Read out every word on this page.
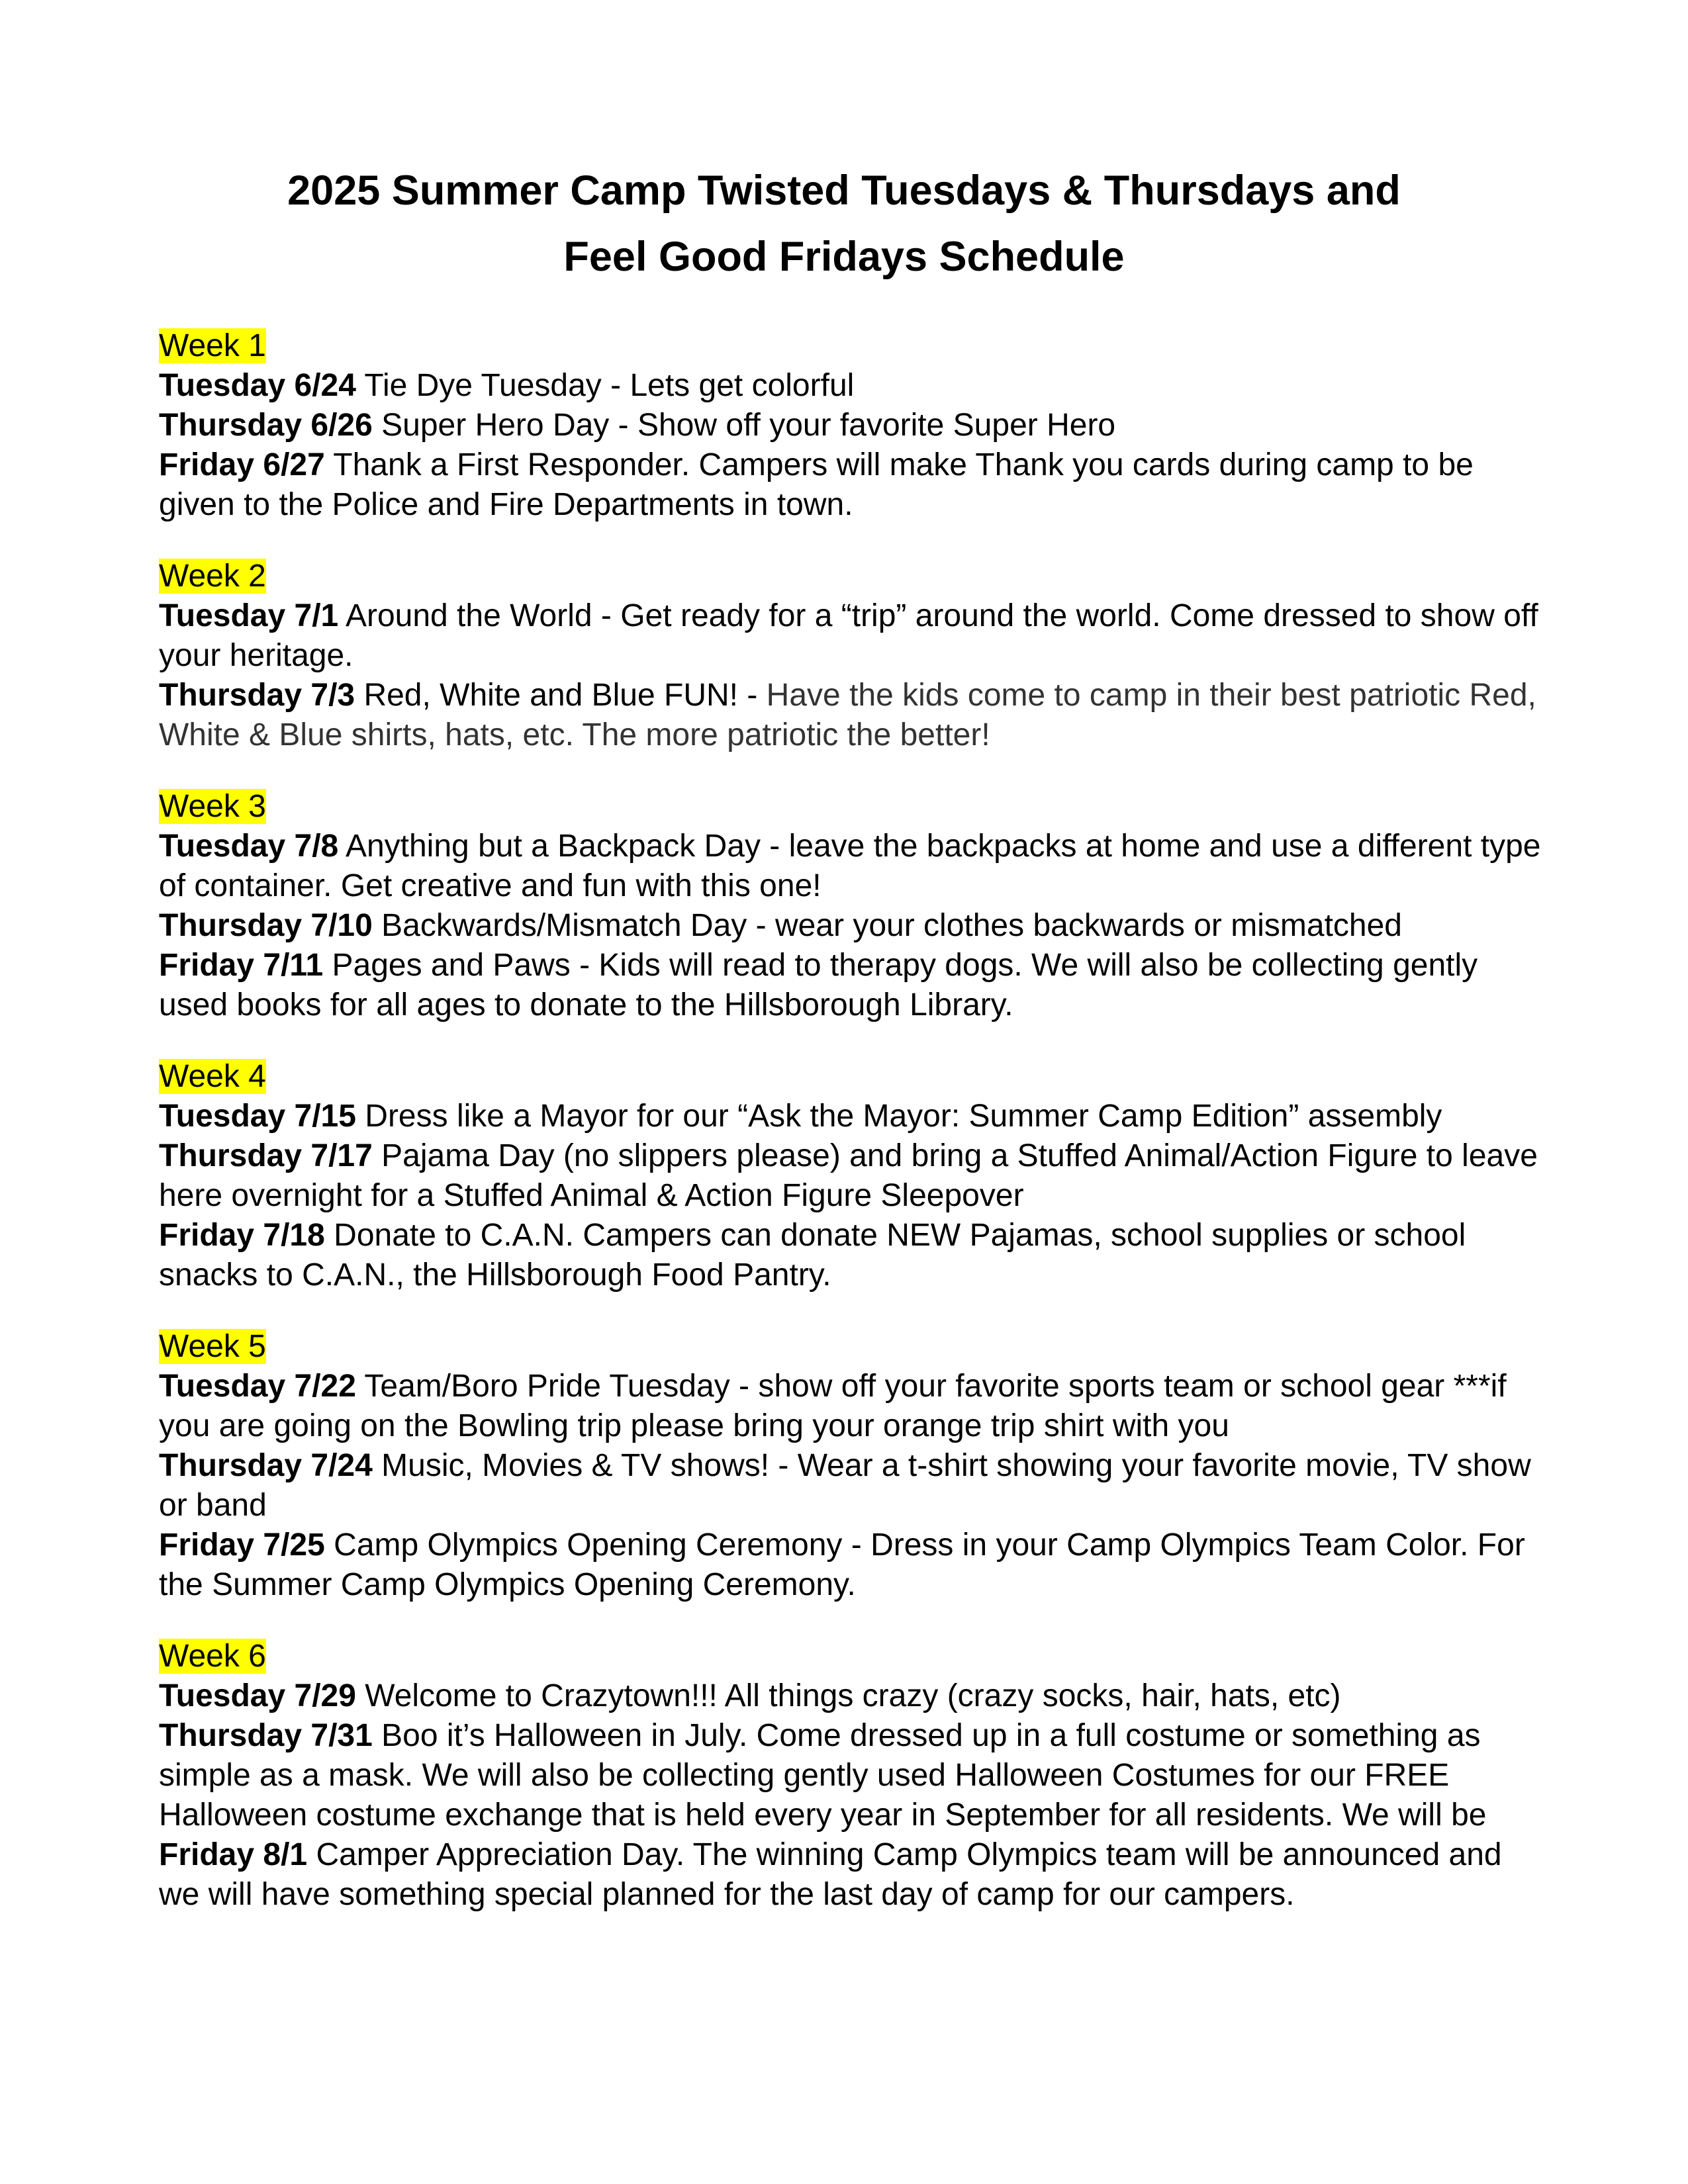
2025 Summer Camp Twisted Tuesdays & Thursdays and
Feel Good Fridays Schedule
Week 1

Tuesday 6/24 Tie Dye Tuesday - Lets get colorful

Thursday 6/26 Super Hero Day - Show off your favorite Super Hero

Friday 6/27 Thank a First Responder. Campers will make Thank you cards during camp to be given to the Police and Fire Departments in town.

Week 2

Tuesday 7/1 Around the World - Get ready for a “trip” around the world. Come dressed to show off your heritage.

Thursday 7/3 Red, White and Blue FUN! - Have the kids come to camp in their best patriotic Red, White & Blue shirts, hats, etc. The more patriotic the better!

Week 3

Tuesday 7/8 Anything but a Backpack Day - leave the backpacks at home and use a different type of container. Get creative and fun with this one!

Thursday 7/10 Backwards/Mismatch Day - wear your clothes backwards or mismatched

Friday 7/11 Pages and Paws - Kids will read to therapy dogs. We will also be collecting gently used books for all ages to donate to the Hillsborough Library.

Week 4

Tuesday 7/15 Dress like a Mayor for our “Ask the Mayor: Summer Camp Edition” assembly

Thursday 7/17 Pajama Day (no slippers please) and bring a Stuffed Animal/Action Figure to leave here overnight for a Stuffed Animal & Action Figure Sleepover

Friday 7/18 Donate to C.A.N. Campers can donate NEW Pajamas, school supplies or school snacks to C.A.N., the Hillsborough Food Pantry.

Week 5

Tuesday 7/22 Team/Boro Pride Tuesday - show off your favorite sports team or school gear ***if you are going on the Bowling trip please bring your orange trip shirt with you

Thursday 7/24 Music, Movies & TV shows! - Wear a t-shirt showing your favorite movie, TV show or band

Friday 7/25 Camp Olympics Opening Ceremony - Dress in your Camp Olympics Team Color. For the Summer Camp Olympics Opening Ceremony.

Week 6

Tuesday 7/29 Welcome to Crazytown!!! All things crazy (crazy socks, hair, hats, etc)

Thursday 7/31 Boo it’s Halloween in July. Come dressed up in a full costume or something as simple as a mask. We will also be collecting gently used Halloween Costumes for our FREE Halloween costume exchange that is held every year in September for all residents. We will be

Friday 8/1 Camper Appreciation Day. The winning Camp Olympics team will be announced and we will have something special planned for the last day of camp for our campers.
